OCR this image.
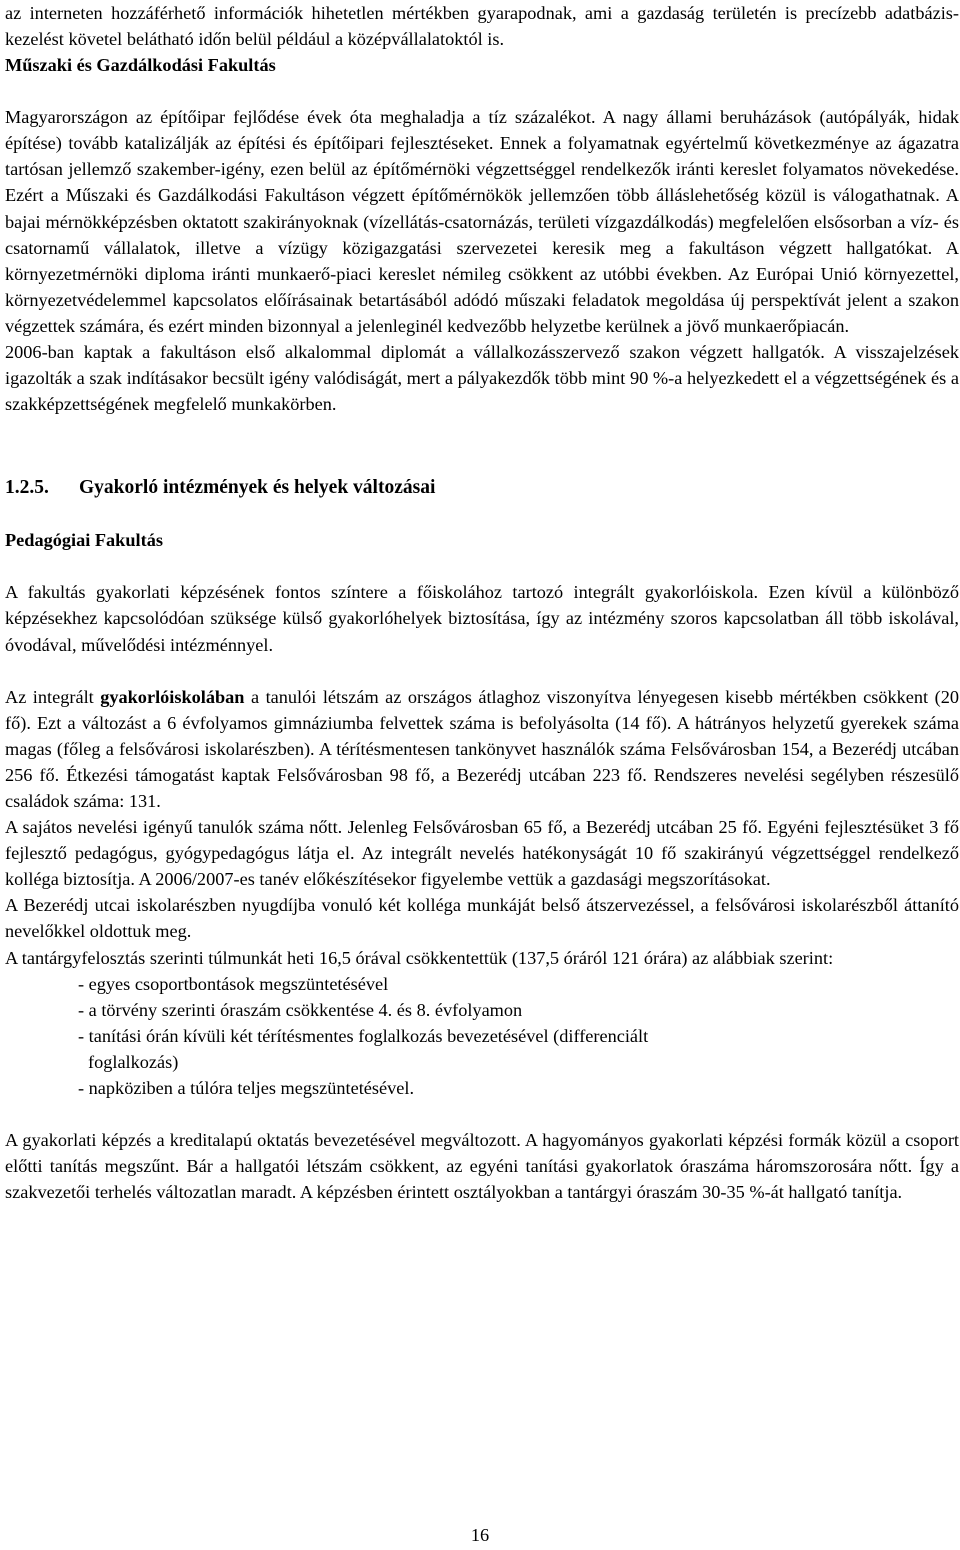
az interneten hozzáférhető információk hihetetlen mértékben gyarapodnak, ami a gazdaság területén is precízebb adatbázis-kezelést követel belátható időn belül például a középvállalatoktól is.

Műszaki és Gazdálkodási Fakultás

Magyarországon az építőipar fejlődése évek óta meghaladja a tíz százalékot. A nagy állami beruházások (autópályák, hidak építése) tovább katalizálják az építési és építőipari fejlesztéseket. Ennek a folyamatnak egyértelmű következménye az ágazatra tartósan jellemző szakember-igény, ezen belül az építőmérnöki végzettséggel rendelkezők iránti kereslet folyamatos növekedése. Ezért a Műszaki és Gazdálkodási Fakultáson végzett építőmérnökök jellemzően több álláslehetőség közül is válogathatnak. A bajai mérnökképzésben oktatott szakirányoknak (vízellátás-csatornázás, területi vízgazdálkodás) megfelelően elsősorban a víz- és csatornamű vállalatok, illetve a vízügy közigazgatási szervezetei keresik meg a fakultáson végzett hallgatókat. A környezetmérnöki diploma iránti munkaerő-piaci kereslet némileg csökkent az utóbbi években. Az Európai Unió környezettel, környezetvédelemmel kapcsolatos előírásainak betartásából adódó műszaki feladatok megoldása új perspektívát jelent a szakon végzettek számára, és ezért minden bizonnyal a jelenleginél kedvezőbb helyzetbe kerülnek a jövő munkaerőpiacán.

2006-ban kaptak a fakultáson első alkalommal diplomát a vállalkozásszervező szakon végzett hallgatók. A visszajelzések igazolták a szak indításakor becsült igény valódiságát, mert a pályakezdők több mint 90 %-a helyezkedett el a végzettségének és a szakképzettségének megfelelő munkakörben.

1.2.5. Gyakorló intézmények és helyek változásai

Pedagógiai Fakultás

A fakultás gyakorlati képzésének fontos színtere a főiskolához tartozó integrált gyakorlóiskola. Ezen kívül a különböző képzésekhez kapcsolódóan szüksége külső gyakorlóhelyek biztosítása, így az intézmény szoros kapcsolatban áll több iskolával, óvodával, művelődési intézménnyel.

Az integrált gyakorlóiskolában a tanulói létszám az országos átlaghoz viszonyítva lényegesen kisebb mértékben csökkent (20 fő). Ezt a változást a 6 évfolyamos gimnáziumba felvettek száma is befolyásolta (14 fő). A hátrányos helyzetű gyerekek száma magas (főleg a felsővárosi iskolarészben). A térítésmentesen tankönyvet használók száma Felsővárosban 154, a Bezerédj utcában 256 fő. Étkezési támogatást kaptak Felsővárosban 98 fő, a Bezerédj utcában 223 fő. Rendszeres nevelési segélyben részesülő családok száma: 131.

A sajátos nevelési igényű tanulók száma nőtt. Jelenleg Felsővárosban 65 fő, a Bezerédj utcában 25 fő. Egyéni fejlesztésüket 3 fő fejlesztő pedagógus, gyógypedagógus látja el. Az integrált nevelés hatékonyságát 10 fő szakirányú végzettséggel rendelkező kolléga biztosítja. A 2006/2007-es tanév előkészítésekor figyelembe vettük a gazdasági megszorításokat.

A Bezerédj utcai iskolarészben nyugdíjba vonuló két kolléga munkáját belső átszervezéssel, a felsővárosi iskolarészből áttanító nevelőkkel oldottuk meg.

A tantárgyfelosztás szerinti túlmunkát heti 16,5 órával csökkentettük (137,5 óráról 121 órára) az alábbiak szerint:

- egyes csoportbontások megszüntetésével
- a törvény szerinti óraszám csökkentése 4. és 8. évfolyamon
- tanítási órán kívüli két térítésmentes foglalkozás bevezetésével (differenciált
foglalkozás)
- napköziben a túlóra teljes megszüntetésével.

A gyakorlati képzés a kreditalapú oktatás bevezetésével megváltozott. A hagyományos gyakorlati képzési formák közül a csoport előtti tanítás megszűnt. Bár a hallgatói létszám csökkent, az egyéni tanítási gyakorlatok óraszáma háromszorosára nőtt. Így a szakvezetői terhelés változatlan maradt. A képzésben érintett osztályokban a tantárgyi óraszám 30-35 %-át hallgató tanítja.

16
